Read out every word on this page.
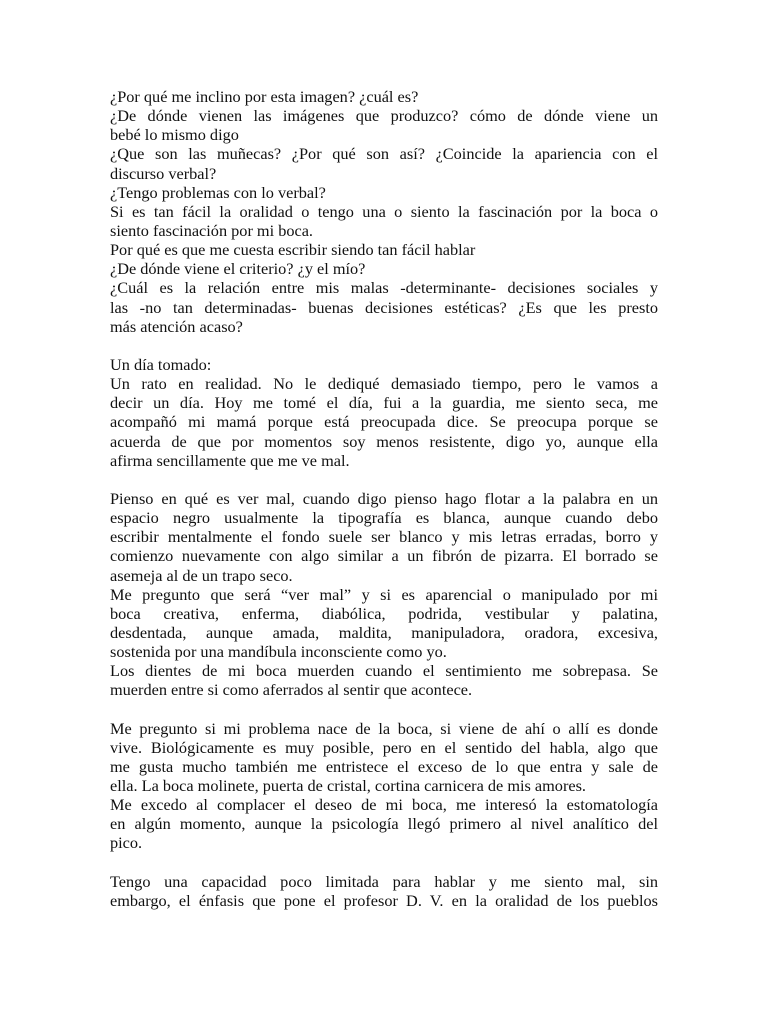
¿Por qué me inclino por esta imagen? ¿cuál es?
¿De dónde vienen las imágenes que produzco? cómo de dónde viene un
bebé lo mismo digo
¿Que son las muñecas? ¿Por qué son así? ¿Coincide la apariencia con el
discurso verbal?
¿Tengo problemas con lo verbal?
Si es tan fácil la oralidad o tengo una o siento la fascinación por la boca o
siento fascinación por mi boca.
Por qué es que me cuesta escribir siendo tan fácil hablar
¿De dónde viene el criterio? ¿y el mío?
¿Cuál es la relación entre mis malas -determinante- decisiones sociales y
las -no tan determinadas- buenas decisiones estéticas? ¿Es que les presto
más atención acaso?
Un día tomado:
Un rato en realidad. No le dediqué demasiado tiempo, pero le vamos a
decir un día. Hoy me tomé el día, fui a la guardia, me siento seca, me
acompañó mi mamá porque está preocupada dice. Se preocupa porque se
acuerda de que por momentos soy menos resistente, digo yo, aunque ella
afirma sencillamente que me ve mal.
Pienso en qué es ver mal, cuando digo pienso hago flotar a la palabra en un
espacio negro usualmente la tipografía es blanca, aunque cuando debo
escribir mentalmente el fondo suele ser blanco y mis letras erradas, borro y
comienzo nuevamente con algo similar a un fibrón de pizarra. El borrado se
asemeja al de un trapo seco.
Me pregunto que será “ver mal” y si es aparencial o manipulado por mi
boca creativa, enferma, diabólica, podrida, vestibular y palatina,
desdentada, aunque amada, maldita, manipuladora, oradora, excesiva,
sostenida por una mandíbula inconsciente como yo.
Los dientes de mi boca muerden cuando el sentimiento me sobrepasa. Se
muerden entre si como aferrados al sentir que acontece.
Me pregunto si mi problema nace de la boca, si viene de ahí o allí es donde
vive. Biológicamente es muy posible, pero en el sentido del habla, algo que
me gusta mucho también me entristece el exceso de lo que entra y sale de
ella. La boca molinete, puerta de cristal, cortina carnicera de mis amores.
Me excedo al complacer el deseo de mi boca, me interesó la estomatología
en algún momento, aunque la psicología llegó primero al nivel analítico del
pico.
Tengo una capacidad poco limitada para hablar y me siento mal, sin
embargo, el énfasis que pone el profesor D. V. en la oralidad de los pueblos
